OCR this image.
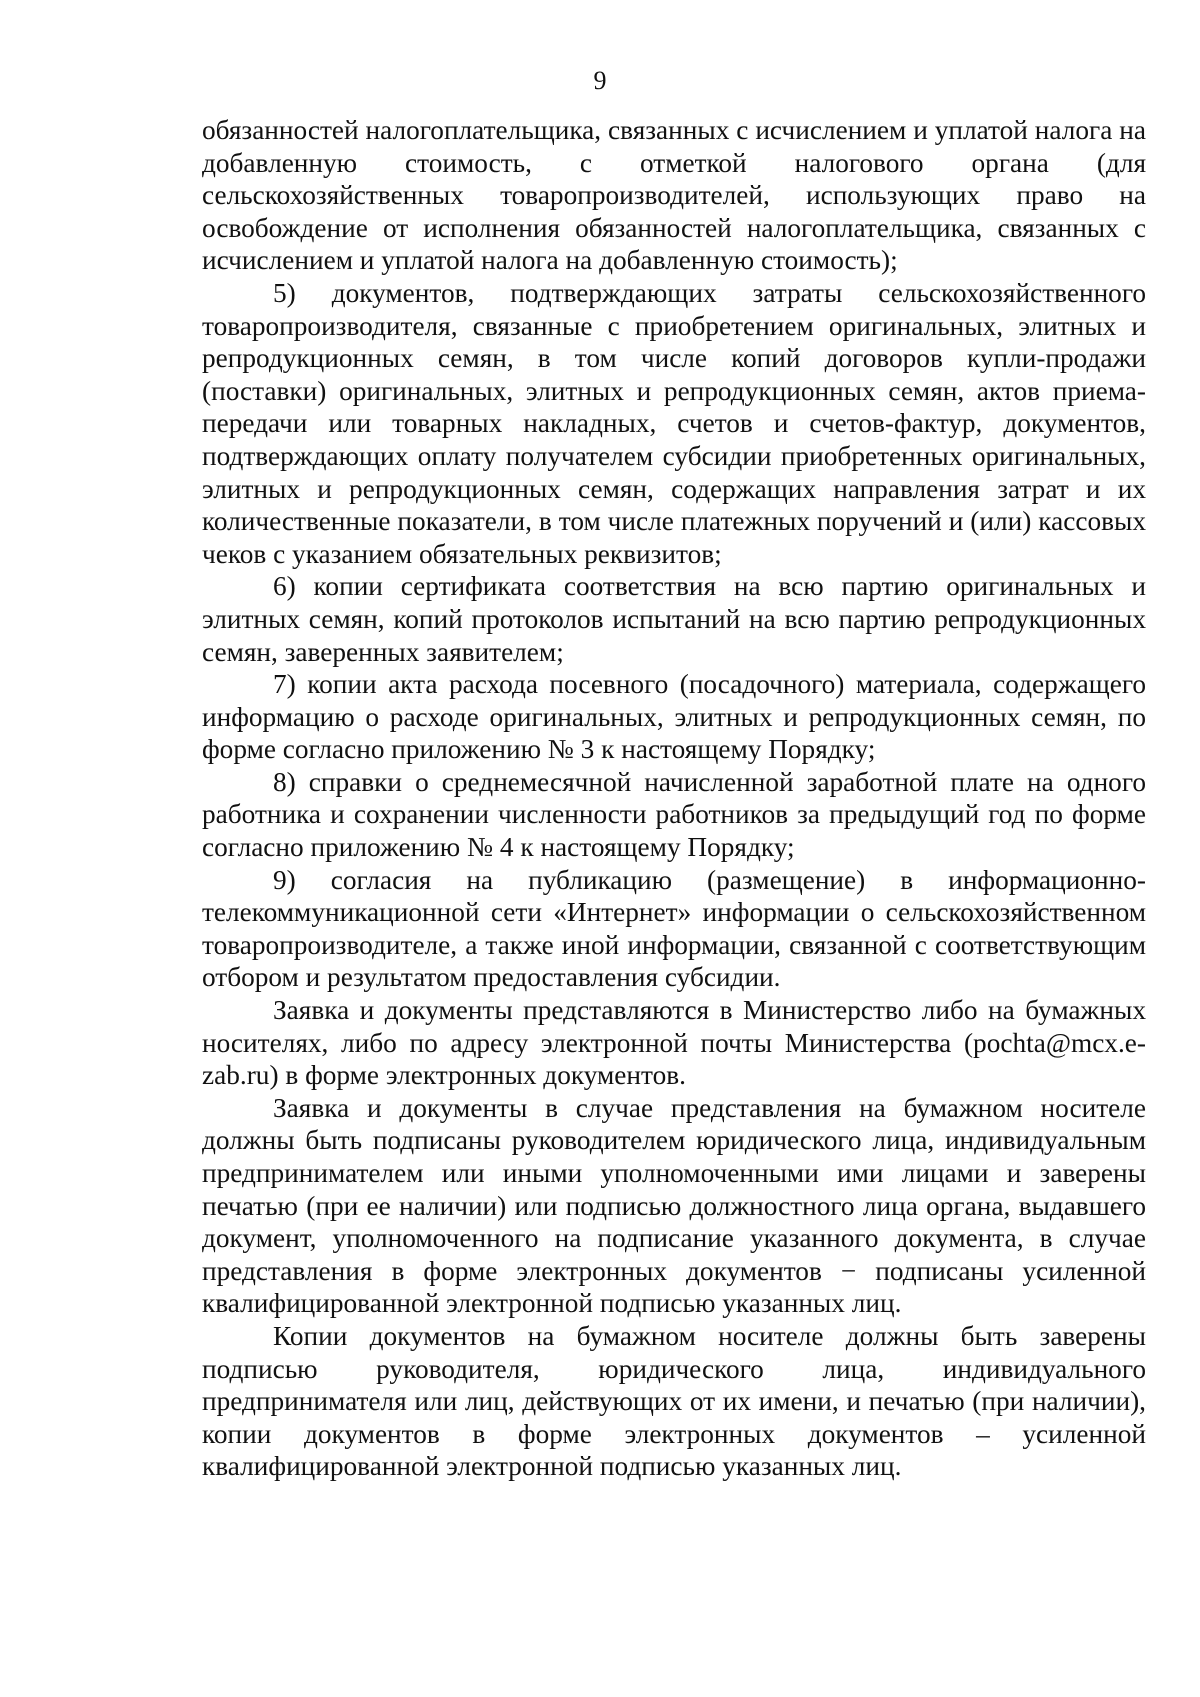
9

обязанностей налогоплательщика, связанных с исчислением и уплатой налога на добавленную стоимость, с отметкой налогового органа (для сельскохозяйственных товаропроизводителей, использующих право на освобождение от исполнения обязанностей налогоплательщика, связанных с исчислением и уплатой налога на добавленную стоимость);

5) документов, подтверждающих затраты сельскохозяйственного товаропроизводителя, связанные с приобретением оригинальных, элитных и репродукционных семян, в том числе копий договоров купли-продажи (поставки) оригинальных, элитных и репродукционных семян, актов приема-передачи или товарных накладных, счетов и счетов-фактур, документов, подтверждающих оплату получателем субсидии приобретенных оригинальных, элитных и репродукционных семян, содержащих направления затрат и их количественные показатели, в том числе платежных поручений и (или) кассовых чеков с указанием обязательных реквизитов;

6) копии сертификата соответствия на всю партию оригинальных и элитных семян, копий протоколов испытаний на всю партию репродукционных семян, заверенных заявителем;

7) копии акта расхода посевного (посадочного) материала, содержащего информацию о расходе оригинальных, элитных и репродукционных семян, по форме согласно приложению № 3 к настоящему Порядку;

8) справки о среднемесячной начисленной заработной плате на одного работника и сохранении численности работников за предыдущий год по форме согласно приложению № 4 к настоящему Порядку;

9) согласия на публикацию (размещение) в информационно-телекоммуникационной сети «Интернет» информации о сельскохозяйственном товаропроизводителе, а также иной информации, связанной с соответствующим отбором и результатом предоставления субсидии.

Заявка и документы представляются в Министерство либо на бумажных носителях, либо по адресу электронной почты Министерства (pochta@mcx.e-zab.ru) в форме электронных документов.

Заявка и документы в случае представления на бумажном носителе должны быть подписаны руководителем юридического лица, индивидуальным предпринимателем или иными уполномоченными ими лицами и заверены печатью (при ее наличии) или подписью должностного лица органа, выдавшего документ, уполномоченного на подписание указанного документа, в случае представления в форме электронных документов − подписаны усиленной квалифицированной электронной подписью указанных лиц.

Копии документов на бумажном носителе должны быть заверены подписью руководителя, юридического лица, индивидуального предпринимателя или лиц, действующих от их имени, и печатью (при наличии), копии документов в форме электронных документов – усиленной квалифицированной электронной подписью указанных лиц.
